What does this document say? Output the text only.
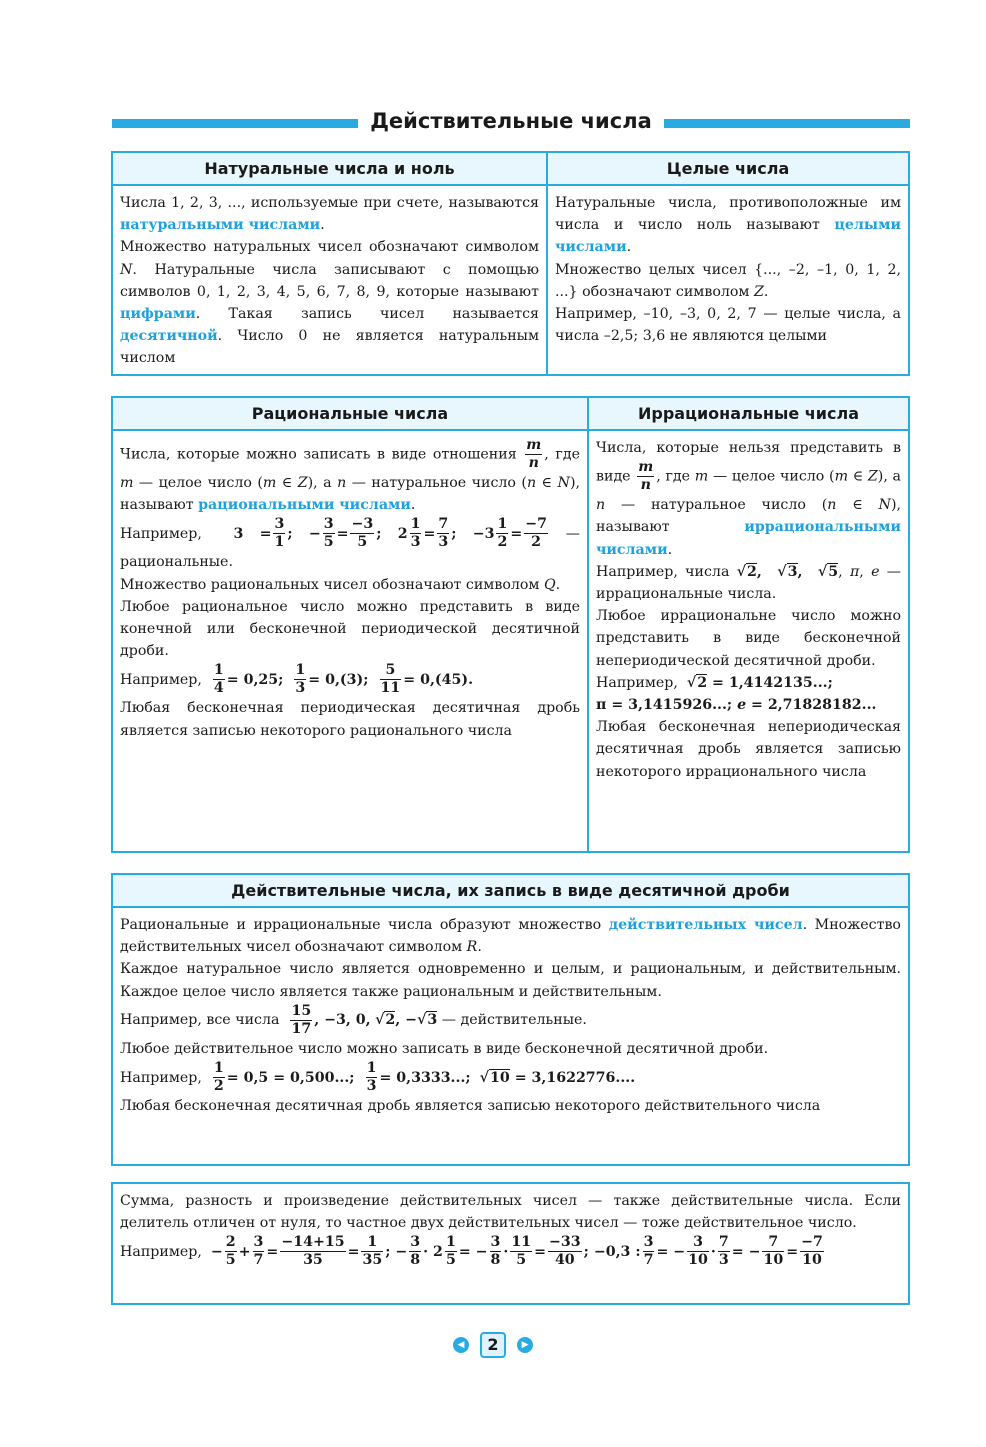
Действительные числа
Натуральные числа и ноль
Числа 1, 2, 3, ..., используемые при счете, называются натуральными числами.
Множество натуральных чисел обозначают символом N. Натуральные числа записывают с помощью символов 0, 1, 2, 3, 4, 5, 6, 7, 8, 9, которые называют цифрами. Такая запись чисел называется десятичной. Число 0 не является натуральным числом
Целые числа
Натуральные числа, противоположные им числа и число ноль называют целыми числами.
Множество целых чисел {..., –2, –1, 0, 1, 2, ...} обозначают символом Z.
Например, –10, –3, 0, 2, 7 — целые числа, а числа –2,5; 3,6 не являются целыми
Рациональные числа
Числа, которые можно записать в виде отношения $\frac{m}{n}$ , где m — целое число (m ∈ Z), а n — натуральное число (n ∈ N), называют рациональными числами.
Например, $3 = \frac{3}{1}$ ; − $\frac{3}{5} = \frac{-3}{5}$ ; $2 \frac{1}{3} = \frac{7}{3}$ ; $-3 \frac{1}{2} = \frac{-7}{2}$ — рациональные.
Множество рациональных чисел обозначают символом Q.
Любое рациональное число можно представить в виде конечной или бесконечной периодической десятичной дроби.
Например, $\frac{1}{4} = 0,25$; $\frac{1}{3} = 0,(3)$; $\frac{5}{11} = 0,(45)$.
Любая бесконечная периодическая десятичная дробь является записью некоторого рационального числа
Иррациональные числа
Числа, которые нельзя представить в виде $\frac{m}{n}$ , где m — целое число (m ∈ Z), а n — натуральное число (n ∈ N), называют иррациональными числами.
Например, числа √2,  √3,  √5, π, e — иррациональные числа.
Любое иррациональне число можно представить в виде бесконечной непериодической десятичной дроби.
Например, √2 = 1,4142135...;
π = 3,1415926...; e = 2,71828182...
Любая бесконечная непериодическая десятичная дробь является записью некоторого иррационального числа
Действительные числа, их запись в виде десятичной дроби
Рациональные и иррациональные числа образуют множество действительных чисел. Множество действительных чисел обозначают символом R.
Каждое натуральное число является одновременно и целым, и рациональным, и действительным. Каждое целое число является также рациональным и действительным.
Например, все числа $\frac{15}{17}$ , −3, 0, √2, −√3 — действительные.
Любое действительное число можно записать в виде бесконечной десятичной дроби.
Например, $\frac{1}{2} = 0,5 = 0,500$...; $\frac{1}{3} = 0,3333$...; √10 = 3,1622776....
Любая бесконечная десятичная дробь является записью некоторого действительного числа
Сумма, разность и произведение действительных чисел — также действительные числа. Если делитель отличен от нуля, то частное двух действительных чисел — тоже действительное число.
Например, − $\frac{2}{5} + \frac{3}{7} = \frac{-14+15}{35} = \frac{1}{35}$ ; − $\frac{3}{8} \cdot 2 \frac{1}{5}$ = − $\frac{3}{8} \cdot \frac{11}{5} = \frac{-33}{40}$ ; −0,3 : $\frac{3}{7}$ = − $\frac{3}{10} \cdot \frac{7}{3}$ = − $\frac{7}{10} = \frac{-7}{10}$
◀ 2	▶
